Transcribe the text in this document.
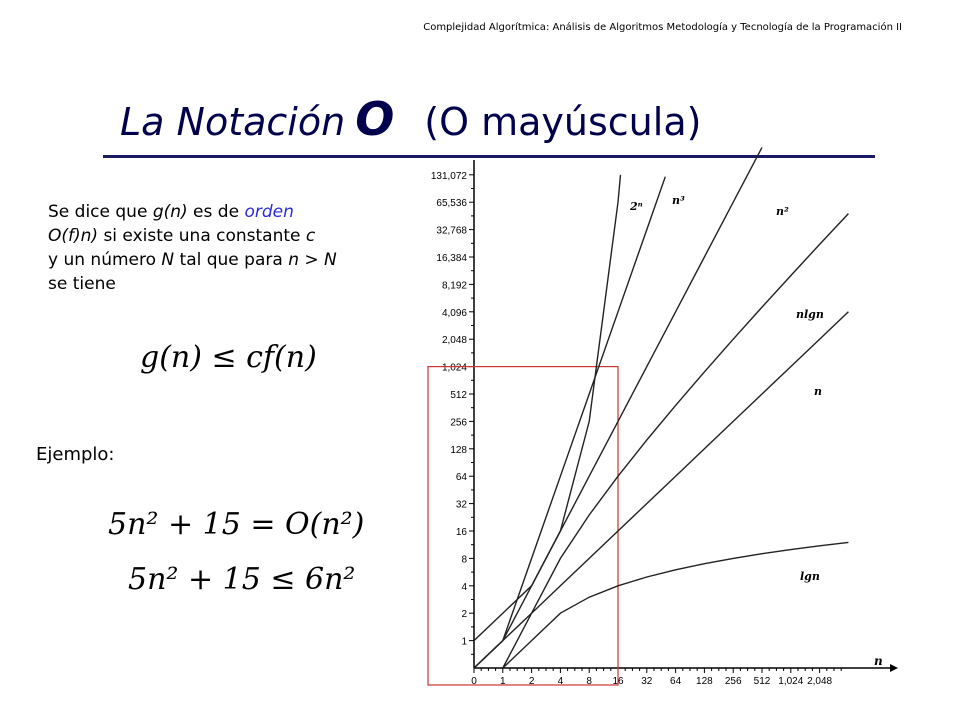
Complejidad Algorítmica: Análisis de Algoritmos Metodología y Tecnología de la Programación II
La Notación O (O mayúscula)
Se dice que g(n) es de orden
O(f)n) si existe una constante c
y un número N tal que para n > N
se tiene
g(n) ≤ cf(n)
Ejemplo:
5n² + 15 = O(n²)
5n² + 15 ≤ 6n²
n
0 1 2 4 8 16 32 64 128 256 512 1,024 2,048
1
2
4
8
16
32
64
128
256
512
1,024
2,048
4,096
8,192
16,384
32,768
65,536
131,072
2ⁿ	n³
n²
nlgn
n
lgn
